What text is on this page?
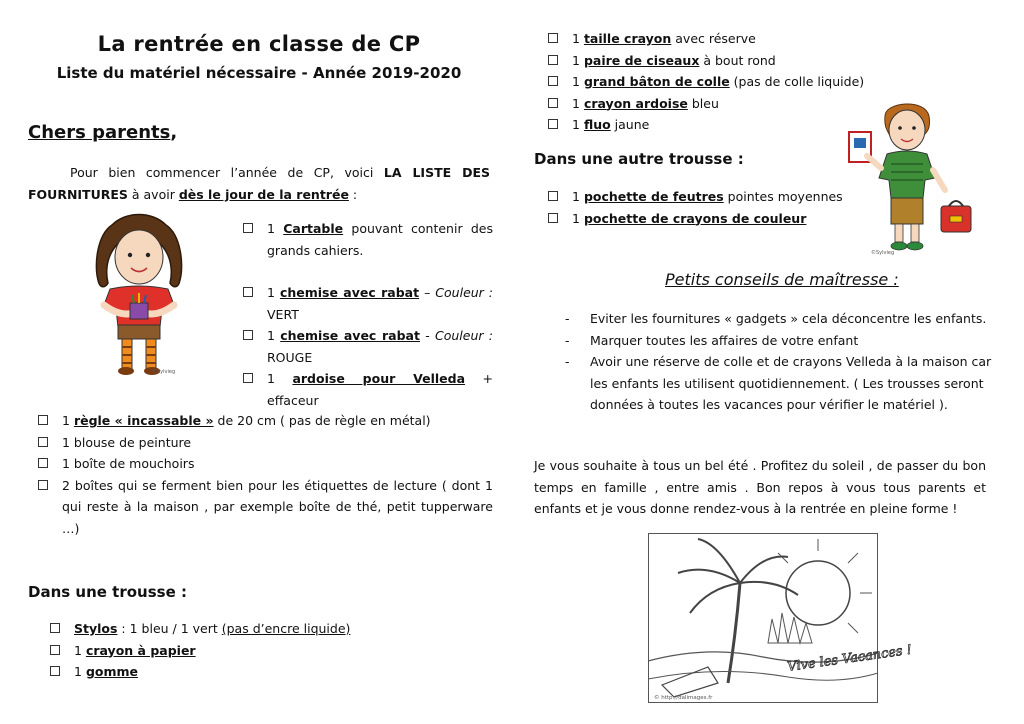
La rentrée en classe de CP
Liste du matériel nécessaire - Année 2019-2020
Chers parents,
Pour bien commencer l’année de CP, voici LA LISTE DES FOURNITURES à avoir dès le jour de la rentrée :
©Sylvieg
1 Cartable pouvant contenir des grands cahiers.
1 chemise avec rabat – Couleur : VERT
1 chemise avec rabat - Couleur : ROUGE
1 ardoise pour Velleda + effaceur
1 règle « incassable » de 20 cm ( pas de règle en métal)
1 blouse de peinture
1 boîte de mouchoirs
2 boîtes qui se ferment bien pour les étiquettes de lecture ( dont 1 qui reste à la maison , par exemple boîte de thé, petit tupperware …)
Dans une trousse :
Stylos : 1 bleu / 1 vert (pas d’encre liquide)
1 crayon à papier
1 gomme
1 taille crayon avec réserve
1 paire de ciseaux à bout rond
1 grand bâton de colle (pas de colle liquide)
1 crayon ardoise bleu
1 fluo jaune
Dans une autre trousse :
1 pochette de feutres pointes moyennes
1 pochette de crayons de couleur
©Sylvieg
Petits conseils de maîtresse :
- Eviter les fournitures « gadgets » cela déconcentre les enfants.
- Marquer toutes les affaires de votre enfant
- Avoir une réserve de colle et de crayons Velleda à la maison car les enfants les utilisent quotidiennement. ( Les trousses seront données à toutes les vacances pour vérifier le matériel ).
Je vous souhaite à tous un bel été . Profitez du soleil , de passer du bon temps en famille , entre amis . Bon repos à vous tous parents et enfants et je vous donne rendez-vous à la rentrée en pleine forme !
Vive les Vacances !
© http://dalimages.fr
